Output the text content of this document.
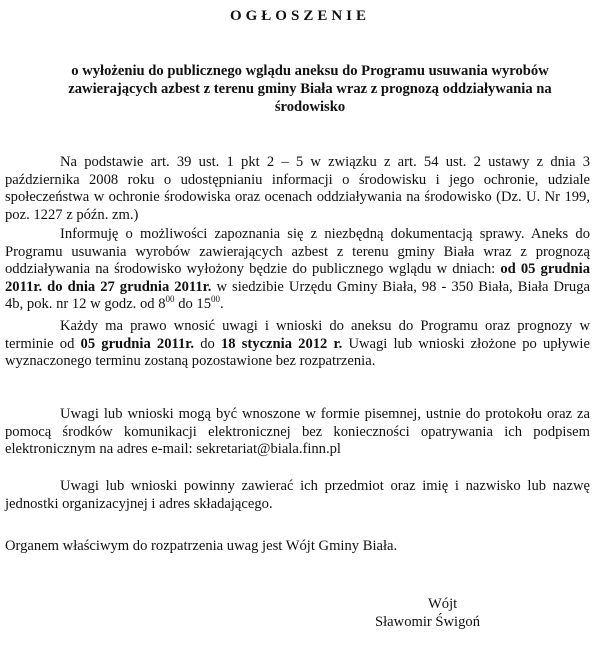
OGŁOSZENIE
o wyłożeniu do publicznego wglądu aneksu do Programu usuwania wyrobów zawierających azbest z terenu gminy Biała wraz z prognozą oddziaływania na środowisko
Na podstawie art. 39 ust. 1 pkt 2 – 5 w związku z art. 54 ust. 2 ustawy z dnia 3 października 2008 roku o udostępnianiu informacji o środowisku i jego ochronie, udziale społeczeństwa w ochronie środowiska oraz ocenach oddziaływania na środowisko (Dz. U. Nr 199, poz. 1227 z późn. zm.)
Informuję o możliwości zapoznania się z niezbędną dokumentacją sprawy. Aneks do Programu usuwania wyrobów zawierających azbest z terenu gminy Biała wraz z prognozą oddziaływania na środowisko wyłożony będzie do publicznego wglądu w dniach: od 05 grudnia 2011r. do dnia 27 grudnia 2011r. w siedzibie Urzędu Gminy Biała, 98 - 350 Biała, Biała Druga 4b, pok. nr 12 w godz. od $8^{00}$ do $15^{00}$.
Każdy ma prawo wnosić uwagi i wnioski do aneksu do Programu oraz prognozy w terminie od 05 grudnia 2011r. do 18 stycznia 2012 r. Uwagi lub wnioski złożone po upływie wyznaczonego terminu zostaną pozostawione bez rozpatrzenia.
Uwagi lub wnioski mogą być wnoszone w formie pisemnej, ustnie do protokołu oraz za pomocą środków komunikacji elektronicznej bez konieczności opatrywania ich podpisem elektronicznym na adres e-mail: sekretariat@biala.finn.pl
Uwagi lub wnioski powinny zawierać ich przedmiot oraz imię i nazwisko lub nazwę jednostki organizacyjnej i adres składającego.
Organem właściwym do rozpatrzenia uwag jest Wójt Gminy Biała.
Wójt
Sławomir Świgoń
